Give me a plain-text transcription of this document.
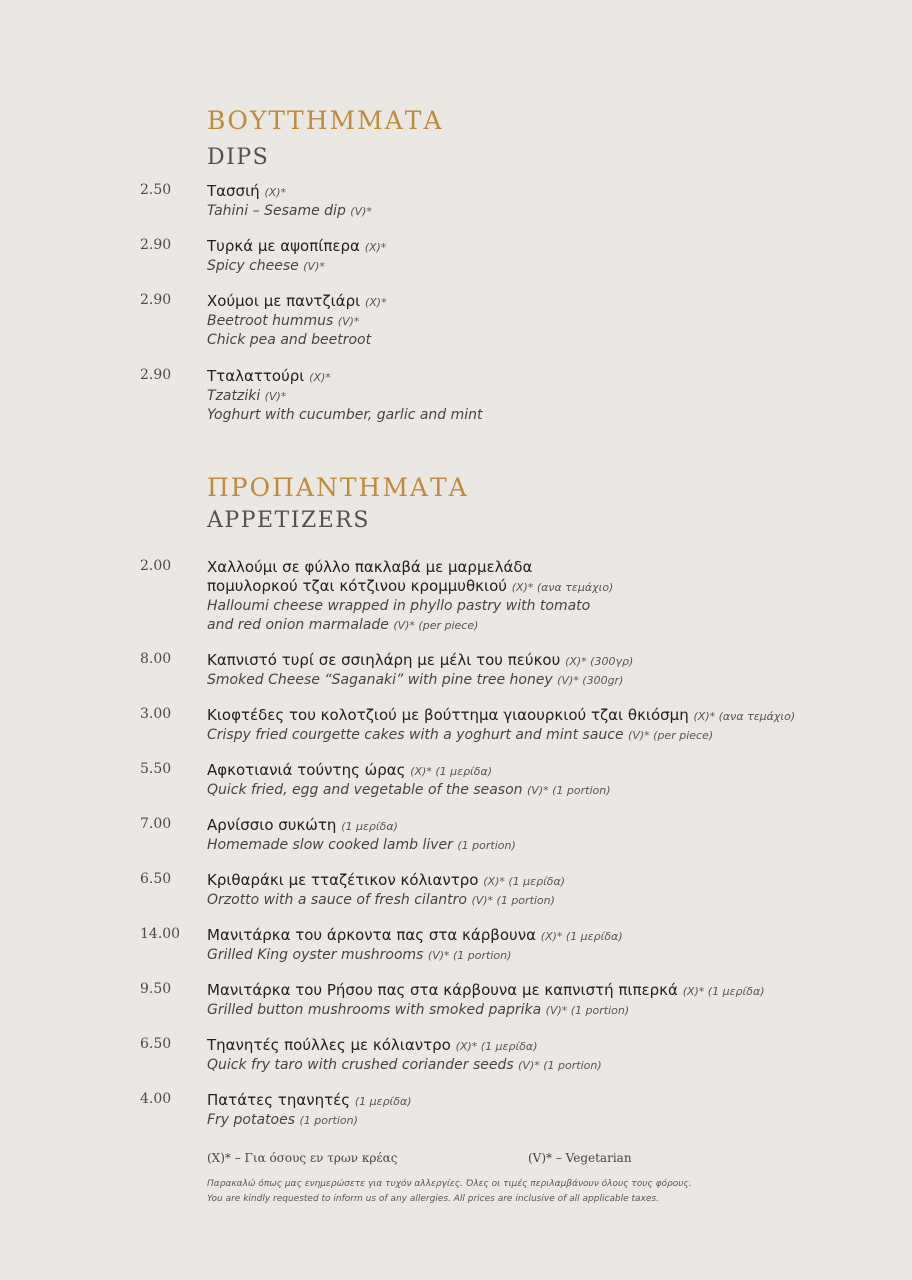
ΒΟΥΤΤΗΜΜΑΤΑ
DIPS
2.50 Τασσιή (X)*
Tahini – Sesame dip (V)*
2.90 Τυρκά με αψοπίπερα (X)*
Spicy cheese (V)*
2.90 Χούμοι με παντζιάρι (X)*
Beetroot hummus (V)*
Chick pea and beetroot
2.90 Τταλαττούρι (X)*
Tzatziki (V)*
Yoghurt with cucumber, garlic and mint
ΠΡΟΠΑΝΤΗΜΑΤΑ
APPETIZERS
2.00 Χαλλούμι σε φύλλο πακλαβά με μαρμελάδα
πομυλορκού τζαι κότζινου κρομμυθκιού (X)* (ανα τεμάχιο)
Halloumi cheese wrapped in phyllo pastry with tomato
and red onion marmalade (V)* (per piece)
8.00 Καπνιστό τυρί σε σσιηλάρη με μέλι του πεύκου (X)* (300γρ)
Smoked Cheese “Saganaki” with pine tree honey (V)* (300gr)
3.00 Κιοφτέδες του κολοτζιού με βούττημα γιαουρκιού τζαι θκιόσμη (X)* (ανα τεμάχιο)
Crispy fried courgette cakes with a yoghurt and mint sauce (V)* (per piece)
5.50 Αφκοτιανιά τούντης ώρας (X)* (1 μερίδα)
Quick fried, egg and vegetable of the season (V)* (1 portion)
7.00 Αρνίσσιο συκώτη (1 μερίδα)
Homemade slow cooked lamb liver (1 portion)
6.50 Κριθαράκι με τταζέτικον κόλιαντρο (X)* (1 μερίδα)
Orzotto with a sauce of fresh cilantro (V)* (1 portion)
14.00 Μανιτάρκα του άρκοντα πας στα κάρβουνα (X)* (1 μερίδα)
Grilled King oyster mushrooms (V)* (1 portion)
9.50 Μανιτάρκα του Ρήσου πας στα κάρβουνα με καπνιστή πιπερκά (X)* (1 μερίδα)
Grilled button mushrooms with smoked paprika (V)* (1 portion)
6.50 Τηανητές πούλλες με κόλιαντρο (X)* (1 μερίδα)
Quick fry taro with crushed coriander seeds (V)* (1 portion)
4.00 Πατάτες τηανητές (1 μερίδα)
Fry potatoes (1 portion)
(X)* – Για όσους εν τρων κρέας	(V)* – Vegetarian
Παρακαλώ όπως μας ενημερώσετε για τυχόν αλλεργίες. Όλες οι τιμές περιλαμβάνουν όλους τους φόρους.
You are kindly requested to inform us of any allergies. All prices are inclusive of all applicable taxes.
